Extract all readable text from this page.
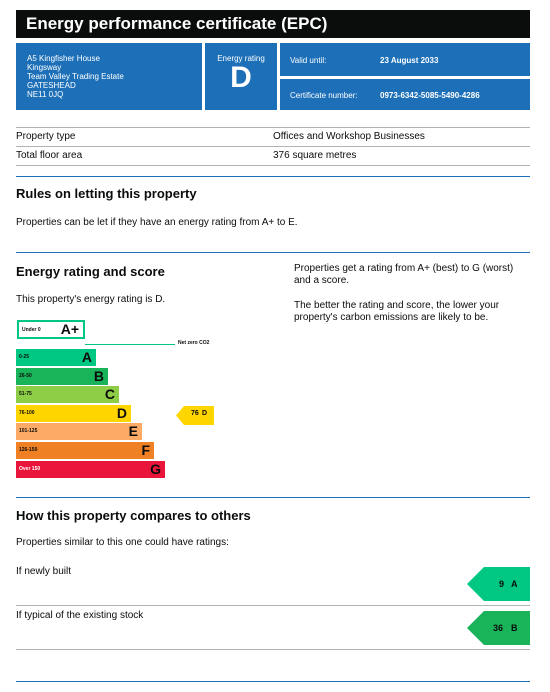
Energy performance certificate (EPC)
A5 Kingfisher House
Kingsway
Team Valley Trading Estate
GATESHEAD
NE11 0JQ
Energy rating
D
Valid until:	23 August 2033
Certificate number:	0973-6342-5085-5490-4286
Property type	Offices and Workshop Businesses
Total floor area	376 square metres
Rules on letting this property
Properties can be let if they have an energy rating from A+ to E.
Energy rating and score
This property's energy rating is D.
Properties get a rating from A+ (best) to G (worst)
and a score.
The better the rating and score, the lower your
property's carbon emissions are likely to be.
Under 0 A+
Net zero CO2
0-25	A
26-50	B
51-75	C
76-100	D
101-125	E
126-150	F
Over 150	G
76 D
How this property compares to others
Properties similar to this one could have ratings:
If newly built
9 A
If typical of the existing stock
36 B
